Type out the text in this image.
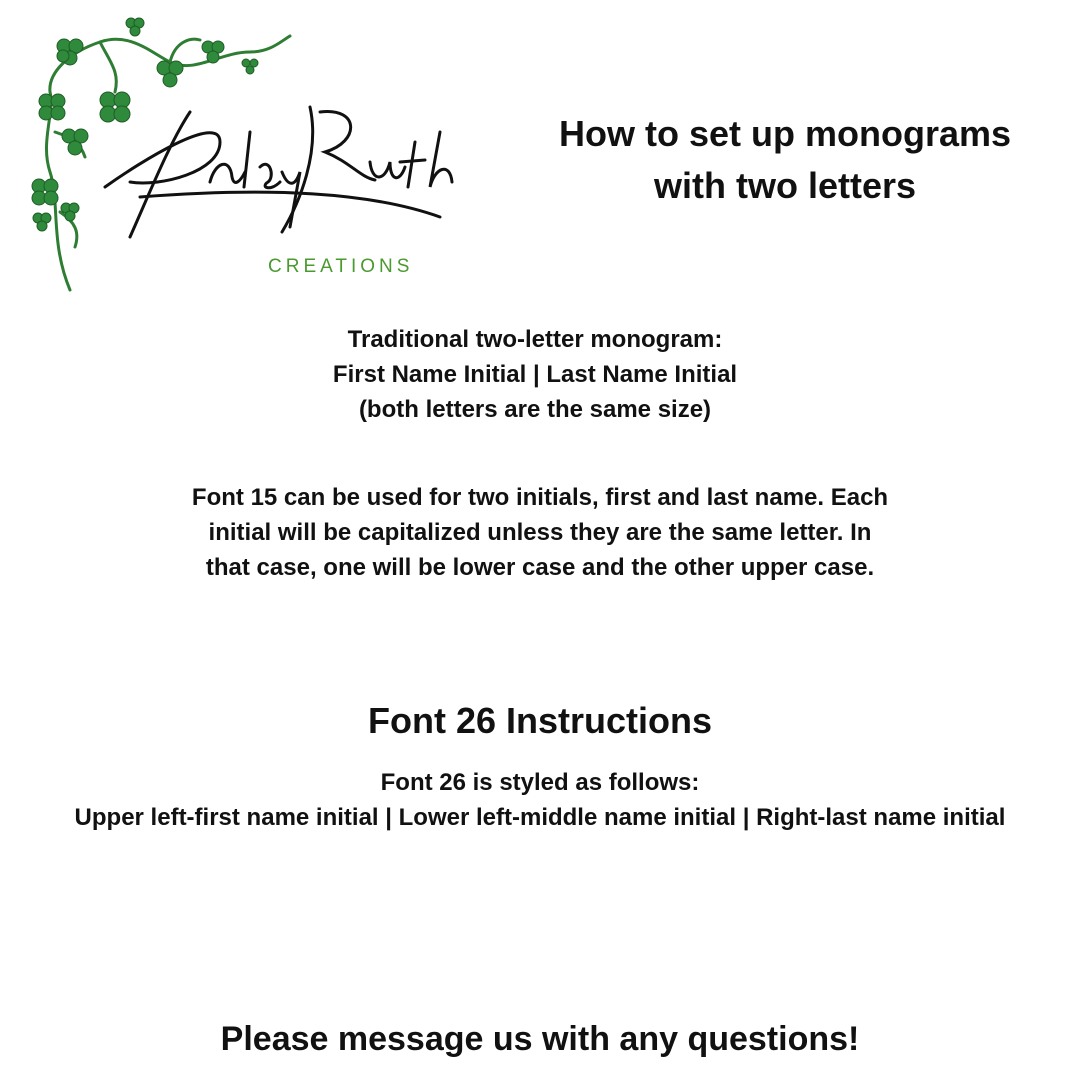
CREATIONS
How to set up monograms
with two letters
Traditional two-letter monogram:
First Name Initial | Last Name Initial
(both letters are the same size)
Font 15 can be used for two initials, first and last name. Each
initial will be capitalized unless they are the same letter. In
that case, one will be lower case and the other upper case.
Font 26 Instructions
Font 26 is styled as follows:
Upper left-first name initial | Lower left-middle name initial | Right-last name initial
Please message us with any questions!
